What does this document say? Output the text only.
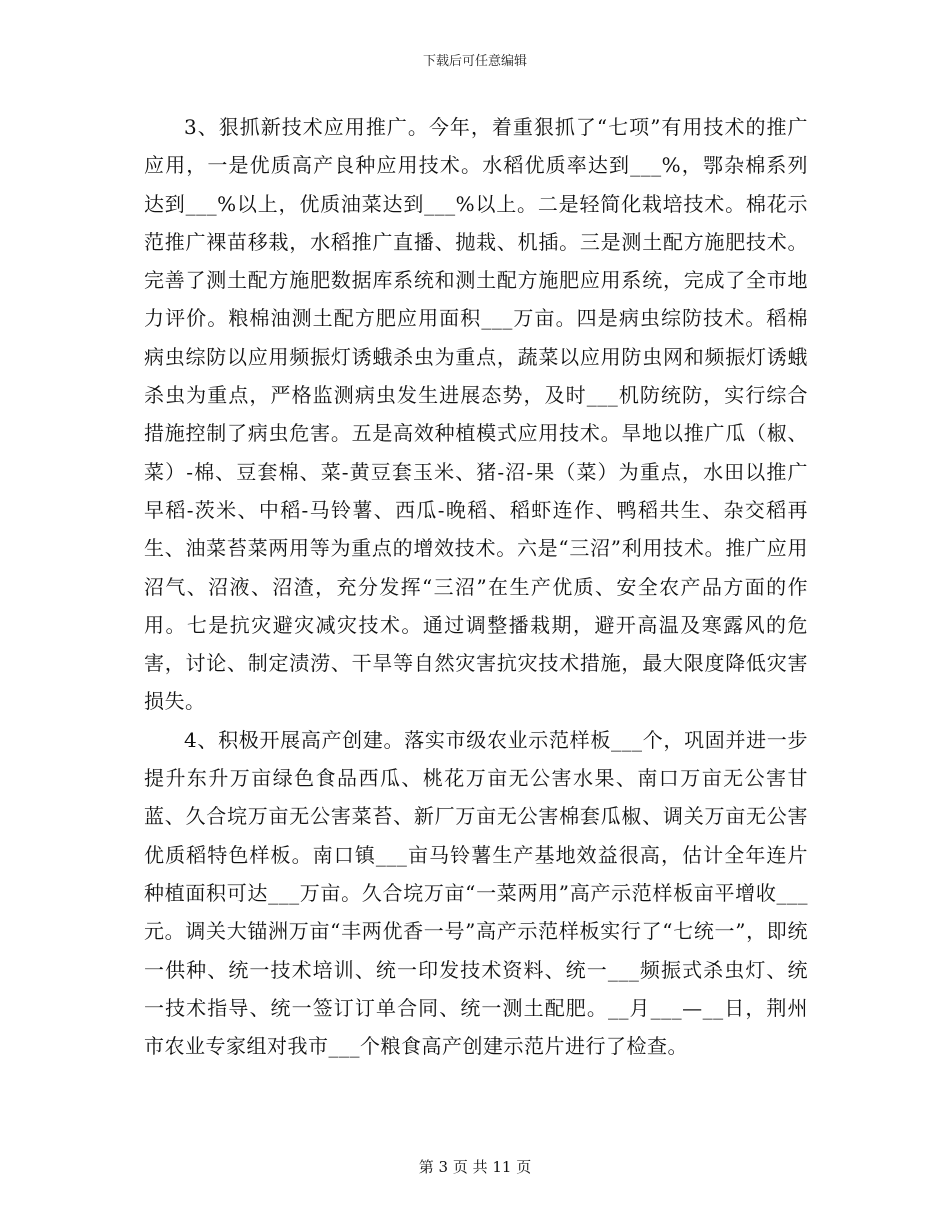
下载后可任意编辑

3、狠抓新技术应用推广。今年，着重狠抓了“七项”有用技术的推广应用，一是优质高产良种应用技术。水稻优质率达到___%，鄂杂棉系列达到___%以上，优质油菜达到___%以上。二是轻简化栽培技术。棉花示范推广裸苗移栽，水稻推广直播、抛栽、机插。三是测土配方施肥技术。完善了测土配方施肥数据库系统和测土配方施肥应用系统，完成了全市地力评价。粮棉油测土配方肥应用面积___万亩。四是病虫综防技术。稻棉病虫综防以应用频振灯诱蛾杀虫为重点，蔬菜以应用防虫网和频振灯诱蛾杀虫为重点，严格监测病虫发生进展态势，及时___机防统防，实行综合措施控制了病虫危害。五是高效种植模式应用技术。旱地以推广瓜（椒、菜）-棉、豆套棉、菜-黄豆套玉米、猪-沼-果（菜）为重点，水田以推广早稻-茨米、中稻-马铃薯、西瓜-晚稻、稻虾连作、鸭稻共生、杂交稻再生、油菜苔菜两用等为重点的增效技术。六是“三沼”利用技术。推广应用沼气、沼液、沼渣，充分发挥“三沼”在生产优质、安全农产品方面的作用。七是抗灾避灾减灾技术。通过调整播栽期，避开高温及寒露风的危害，讨论、制定渍涝、干旱等自然灾害抗灾技术措施，最大限度降低灾害损失。

4、积极开展高产创建。落实市级农业示范样板___个，巩固并进一步提升东升万亩绿色食品西瓜、桃花万亩无公害水果、南口万亩无公害甘蓝、久合垸万亩无公害菜苔、新厂万亩无公害棉套瓜椒、调关万亩无公害优质稻特色样板。南口镇___亩马铃薯生产基地效益很高，估计全年连片种植面积可达___万亩。久合垸万亩“一菜两用”高产示范样板亩平增收___元。调关大锚洲万亩“丰两优香一号”高产示范样板实行了“七统一”，即统一供种、统一技术培训、统一印发技术资料、统一___频振式杀虫灯、统一技术指导、统一签订订单合同、统一测土配肥。__月___—__日，荆州市农业专家组对我市___个粮食高产创建示范片进行了检查。

第 3 页 共 11 页
